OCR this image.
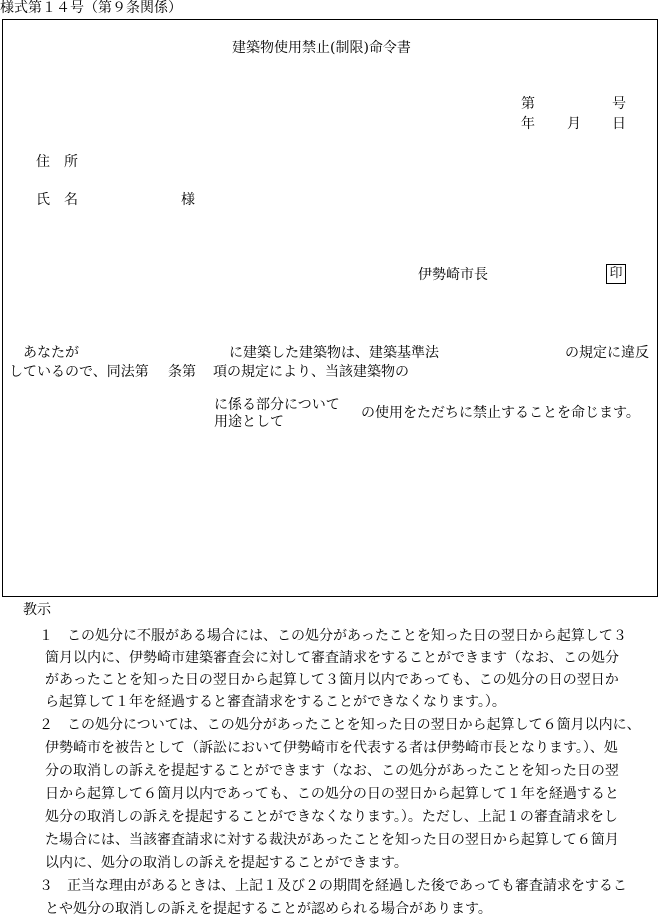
様式第１４号（第９条関係）
建築物使用禁止(制限)命令書
第	号
年 月 日
住　所
氏　名	様
伊勢崎市長	印
あなたが	に建築した建築物は、建築基準法	の規定に違反
しているので、同法第 条第 項の規定により、当該建築物の
に係る部分について
用途として
の使用をただちに禁止することを命じます。
教示
１ この処分に不服がある場合には、この処分があったことを知った日の翌日から起算して３
箇月以内に、伊勢崎市建築審査会に対して審査請求をすることができます（なお、この処分
があったことを知った日の翌日から起算して３箇月以内であっても、この処分の日の翌日か
ら起算して１年を経過すると審査請求をすることができなくなります。）。
２ この処分については、この処分があったことを知った日の翌日から起算して６箇月以内に、
伊勢崎市を被告として（訴訟において伊勢崎市を代表する者は伊勢崎市長となります。）、処
分の取消しの訴えを提起することができます（なお、この処分があったことを知った日の翌
日から起算して６箇月以内であっても、この処分の日の翌日から起算して１年を経過すると
処分の取消しの訴えを提起することができなくなります。）。ただし、上記１の審査請求をし
た場合には、当該審査請求に対する裁決があったことを知った日の翌日から起算して６箇月
以内に、処分の取消しの訴えを提起することができます。
３ 正当な理由があるときは、上記１及び２の期間を経過した後であっても審査請求をするこ
とや処分の取消しの訴えを提起することが認められる場合があります。
